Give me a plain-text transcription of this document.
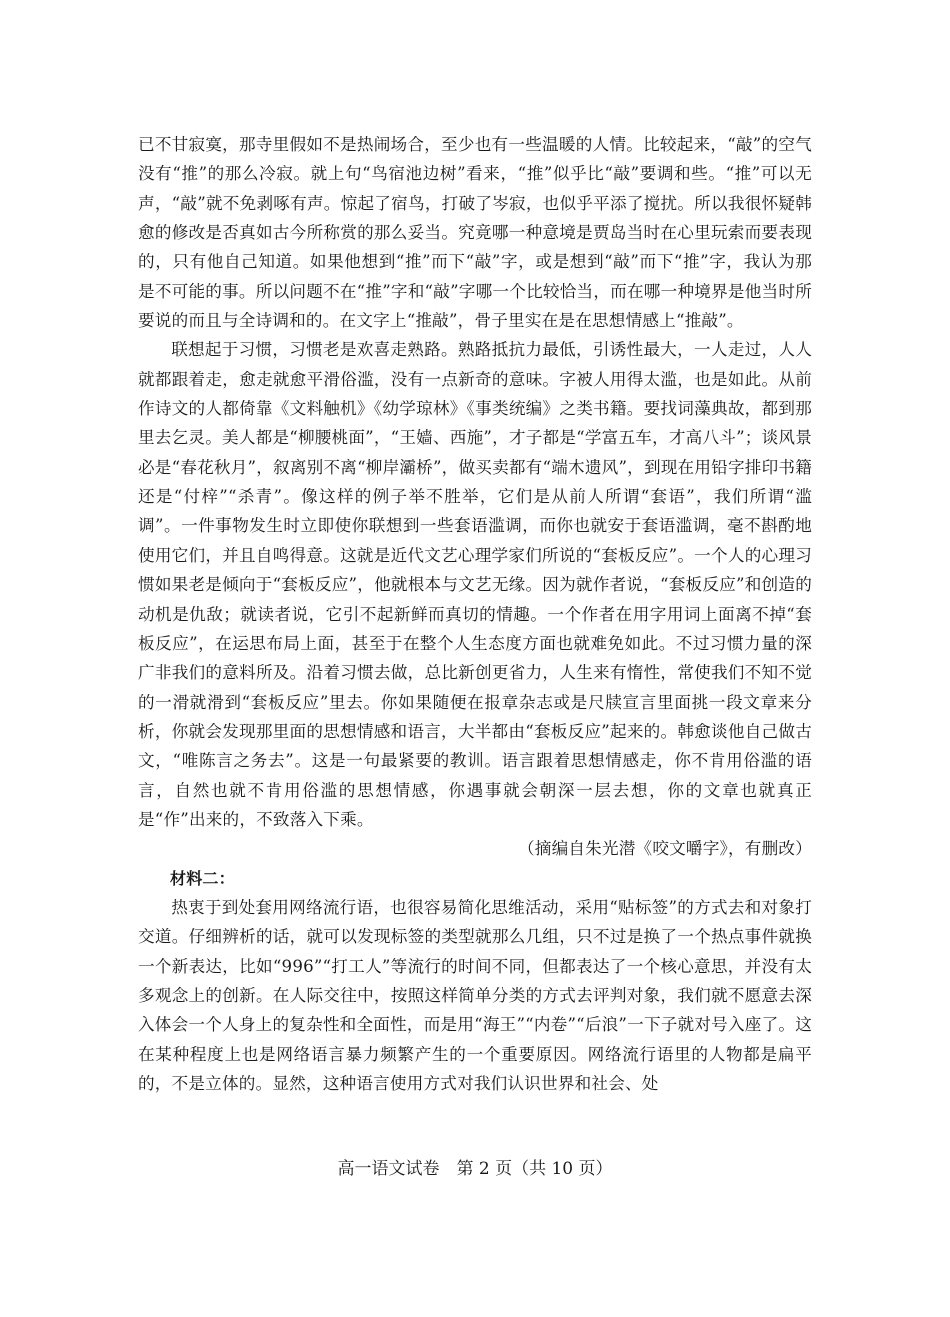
已不甘寂寞，那寺里假如不是热闹场合，至少也有一些温暖的人情。比较起来，“敲”的空气没有“推”的那么冷寂。就上句“鸟宿池边树”看来，“推”似乎比“敲”要调和些。“推”可以无声，“敲”就不免剥啄有声。惊起了宿鸟，打破了岑寂，也似乎平添了搅扰。所以我很怀疑韩愈的修改是否真如古今所称赏的那么妥当。究竟哪一种意境是贾岛当时在心里玩索而要表现的，只有他自己知道。如果他想到“推”而下“敲”字，或是想到“敲”而下“推”字，我认为那是不可能的事。所以问题不在“推”字和“敲”字哪一个比较恰当，而在哪一种境界是他当时所要说的而且与全诗调和的。在文字上“推敲”，骨子里实在是在思想情感上“推敲”。

联想起于习惯，习惯老是欢喜走熟路。熟路抵抗力最低，引诱性最大，一人走过，人人就都跟着走，愈走就愈平滑俗滥，没有一点新奇的意味。字被人用得太滥，也是如此。从前作诗文的人都倚靠《文料触机》《幼学琼林》《事类统编》之类书籍。要找词藻典故，都到那里去乞灵。美人都是“柳腰桃面”，“王嫱、西施”，才子都是“学富五车，才高八斗”；谈风景必是“春花秋月”，叙离别不离“柳岸灞桥”，做买卖都有“端木遗风”，到现在用铅字排印书籍还是“付梓”“杀青”。像这样的例子举不胜举，它们是从前人所谓“套语”，我们所谓“滥调”。一件事物发生时立即使你联想到一些套语滥调，而你也就安于套语滥调，毫不斟酌地使用它们，并且自鸣得意。这就是近代文艺心理学家们所说的“套板反应”。一个人的心理习惯如果老是倾向于“套板反应”，他就根本与文艺无缘。因为就作者说，“套板反应”和创造的动机是仇敌；就读者说，它引不起新鲜而真切的情趣。一个作者在用字用词上面离不掉“套板反应”，在运思布局上面，甚至于在整个人生态度方面也就难免如此。不过习惯力量的深广非我们的意料所及。沿着习惯去做，总比新创更省力，人生来有惰性，常使我们不知不觉的一滑就滑到“套板反应”里去。你如果随便在报章杂志或是尺牍宣言里面挑一段文章来分析，你就会发现那里面的思想情感和语言，大半都由“套板反应”起来的。韩愈谈他自己做古文，“唯陈言之务去”。这是一句最紧要的教训。语言跟着思想情感走，你不肯用俗滥的语言，自然也就不肯用俗滥的思想情感，你遇事就会朝深一层去想，你的文章也就真正是“作”出来的，不致落入下乘。

（摘编自朱光潜《咬文嚼字》，有删改）

材料二：

热衷于到处套用网络流行语，也很容易简化思维活动，采用“贴标签”的方式去和对象打交道。仔细辨析的话，就可以发现标签的类型就那么几组，只不过是换了一个热点事件就换一个新表达，比如“996”“打工人”等流行的时间不同，但都表达了一个核心意思，并没有太多观念上的创新。在人际交往中，按照这样简单分类的方式去评判对象，我们就不愿意去深入体会一个人身上的复杂性和全面性，而是用“海王”“内卷”“后浪”一下子就对号入座了。这在某种程度上也是网络语言暴力频繁产生的一个重要原因。网络流行语里的人物都是扁平的，不是立体的。显然，这种语言使用方式对我们认识世界和社会、处

高一语文试卷　第 2 页（共 10 页）
